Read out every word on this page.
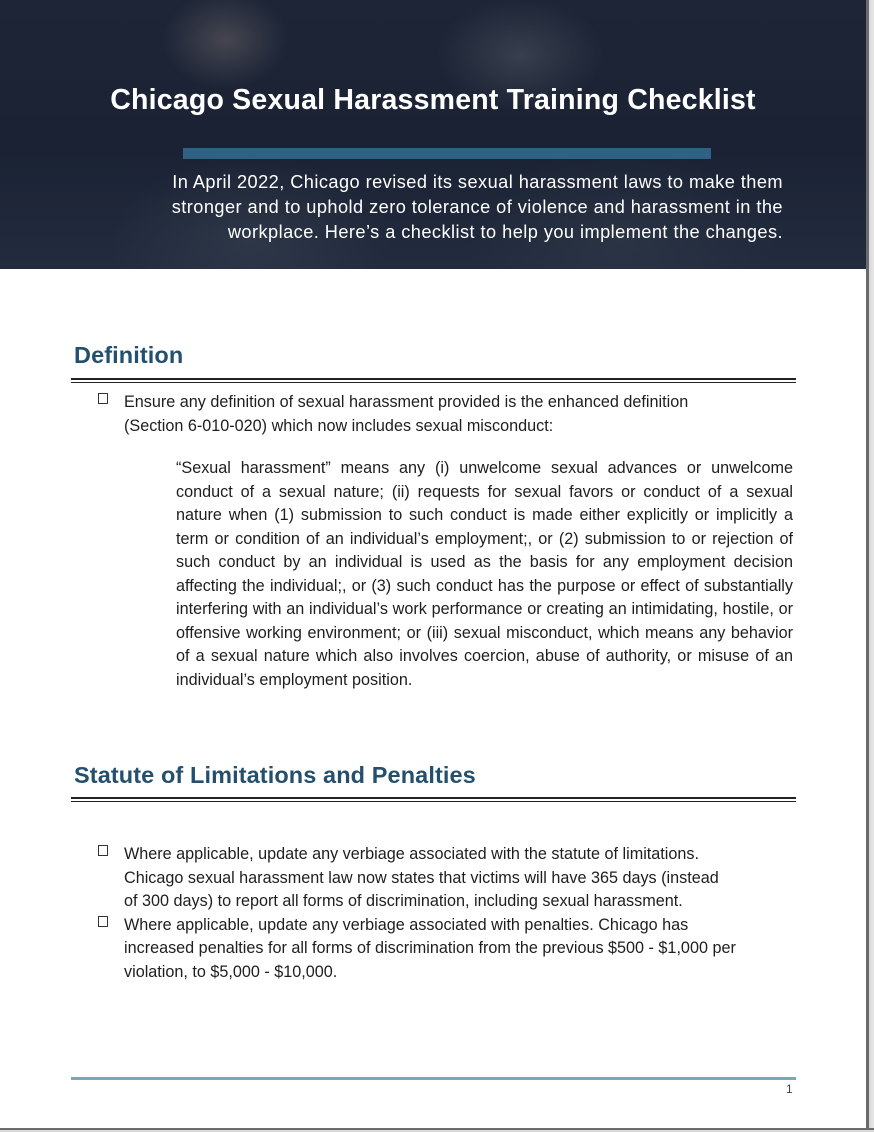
Chicago Sexual Harassment Training Checklist
In April 2022, Chicago revised its sexual harassment laws to make them
stronger and to uphold zero tolerance of violence and harassment in the
workplace. Here’s a checklist to help you implement the changes.
Definition
Ensure any definition of sexual harassment provided is the enhanced definition
(Section 6-010-020) which now includes sexual misconduct:

“Sexual harassment” means any (i) unwelcome sexual advances or unwelcome conduct of a sexual nature; (ii) requests for sexual favors or conduct of a sexual nature when (1) submission to such conduct is made either explicitly or implicitly a term or condition of an individual’s employment;, or (2) submission to or rejection of such conduct by an individual is used as the basis for any employment decision affecting the individual;, or (3) such conduct has the purpose or effect of substantially interfering with an individual’s work performance or creating an intimidating, hostile, or offensive working environment; or (iii) sexual misconduct, which means any behavior of a sexual nature which also involves coercion, abuse of authority, or misuse of an individual’s employment position.

Statute of Limitations and Penalties
Where applicable, update any verbiage associated with the statute of limitations.
Chicago sexual harassment law now states that victims will have 365 days (instead
of 300 days) to report all forms of discrimination, including sexual harassment.
Where applicable, update any verbiage associated with penalties. Chicago has
increased penalties for all forms of discrimination from the previous $500 - $1,000 per
violation, to $5,000 - $10,000.
1
